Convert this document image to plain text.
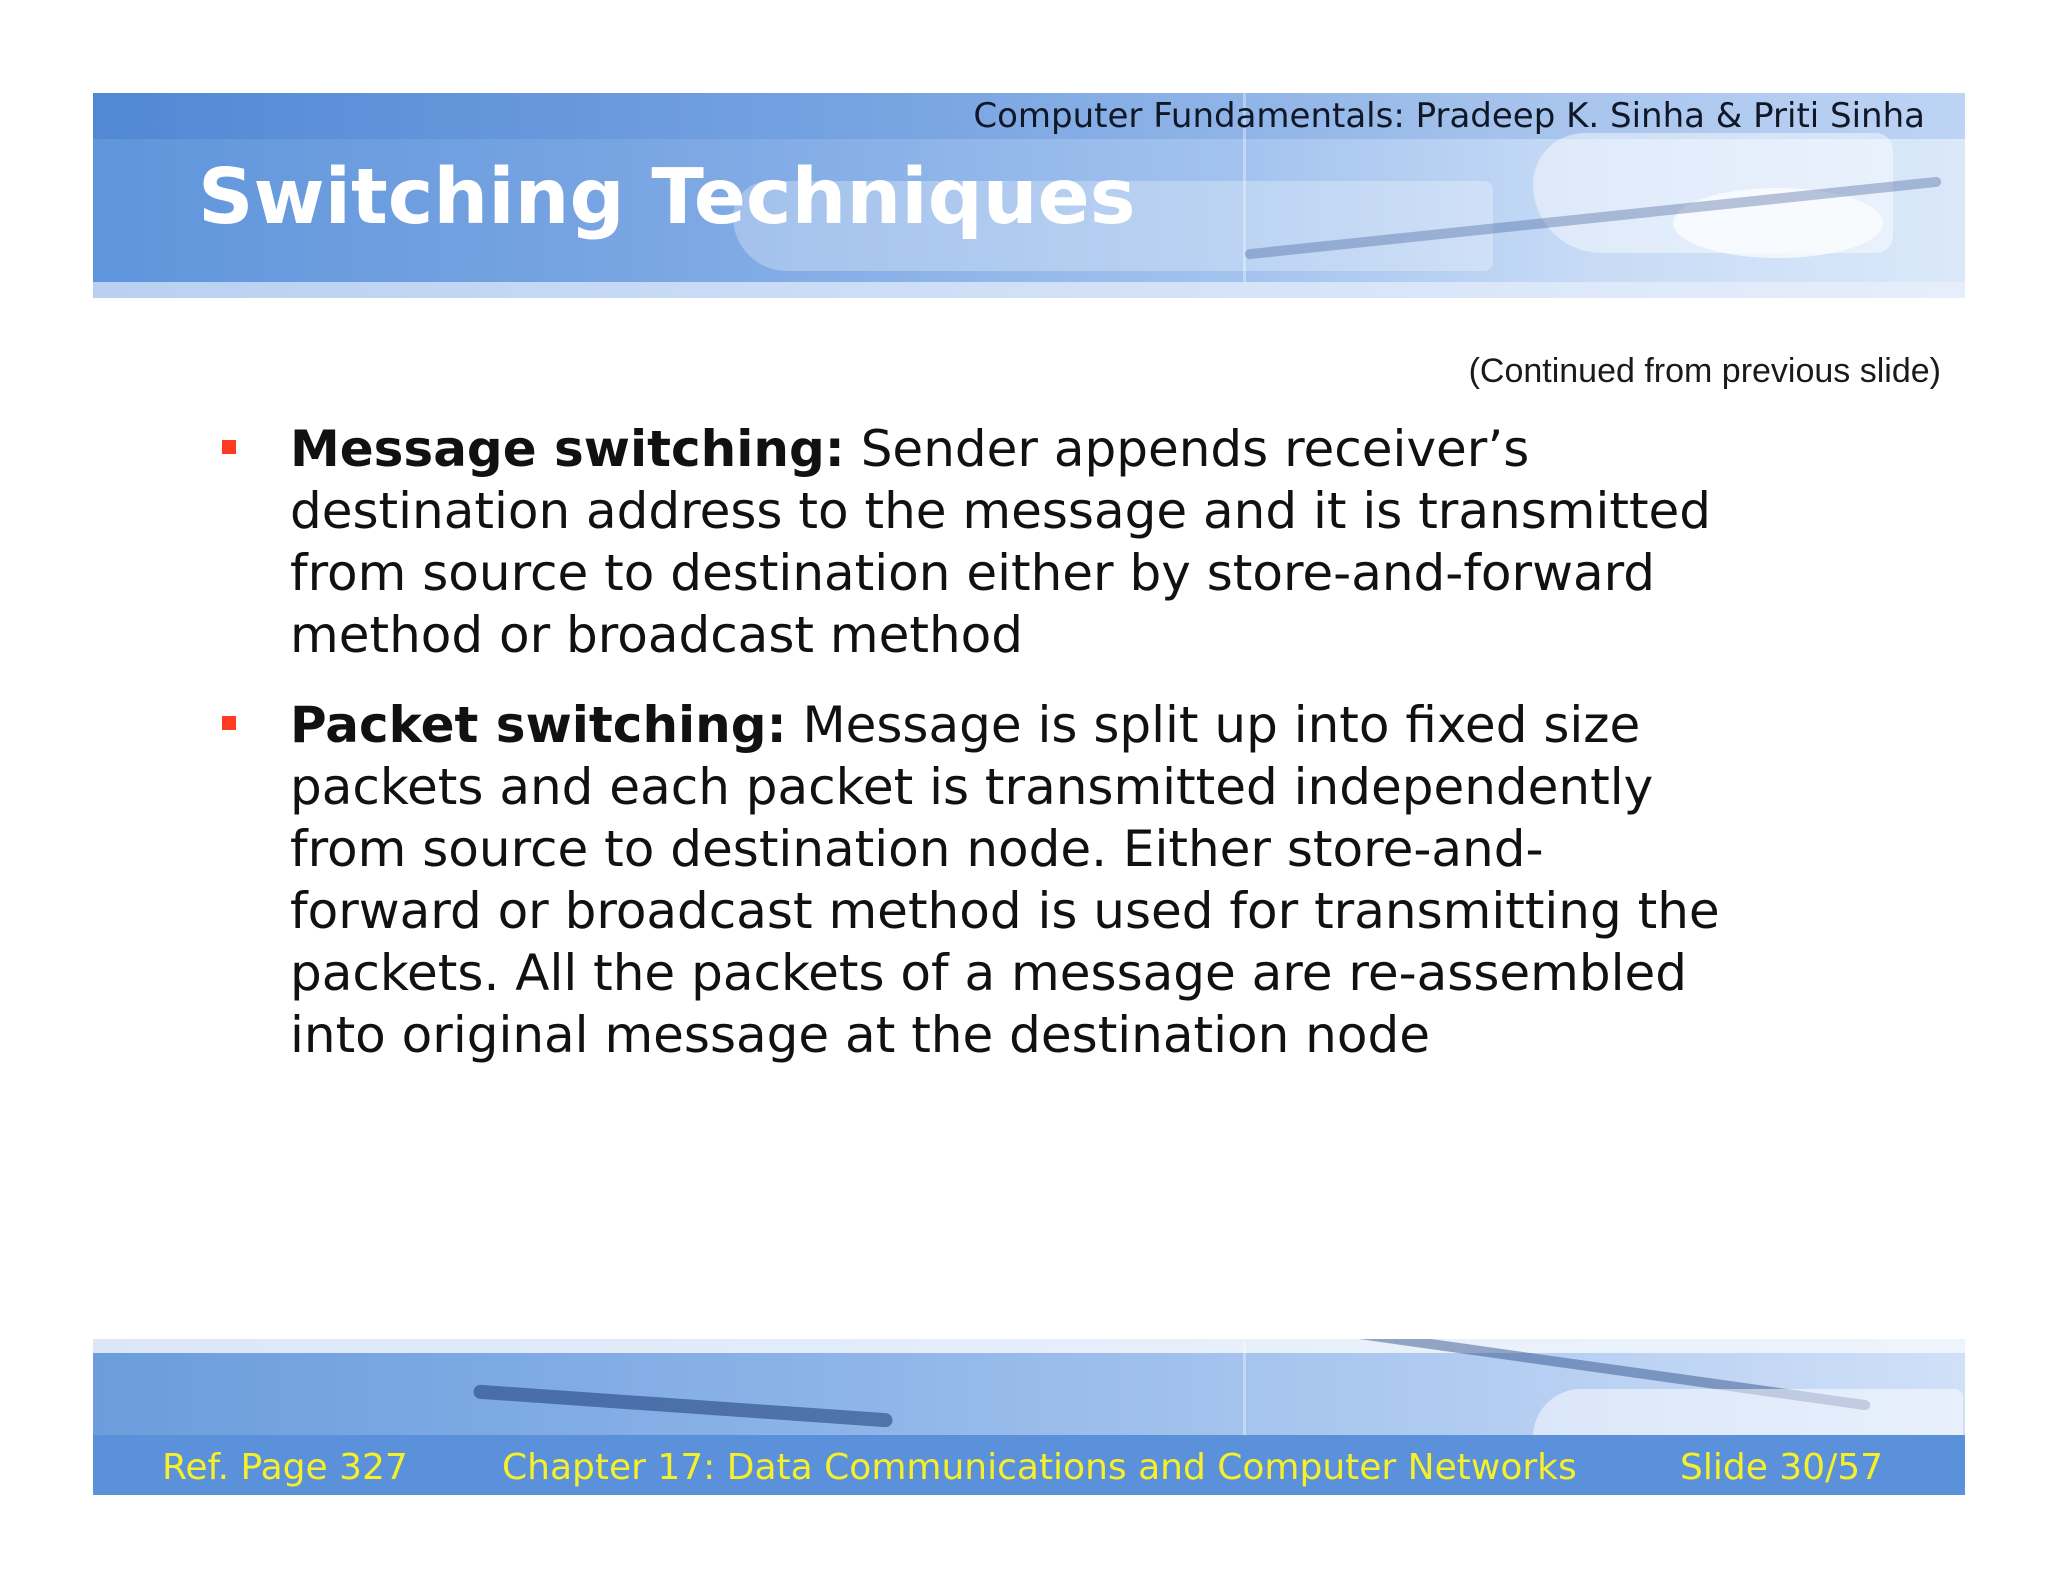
Computer Fundamentals: Pradeep K. Sinha & Priti Sinha
Switching Techniques
(Continued from previous slide)
Message switching: Sender appends receiver’s destination address to the message and it is transmitted from source to destination either by store-and-forward method or broadcast method
Packet switching: Message is split up into fixed size packets and each packet is transmitted independently from source to destination node. Either store-and-forward or broadcast method is used for transmitting the packets. All the packets of a message are re-assembled into original message at the destination node
Ref. Page 327	Chapter 17: Data Communications and Computer Networks	Slide 30/57
